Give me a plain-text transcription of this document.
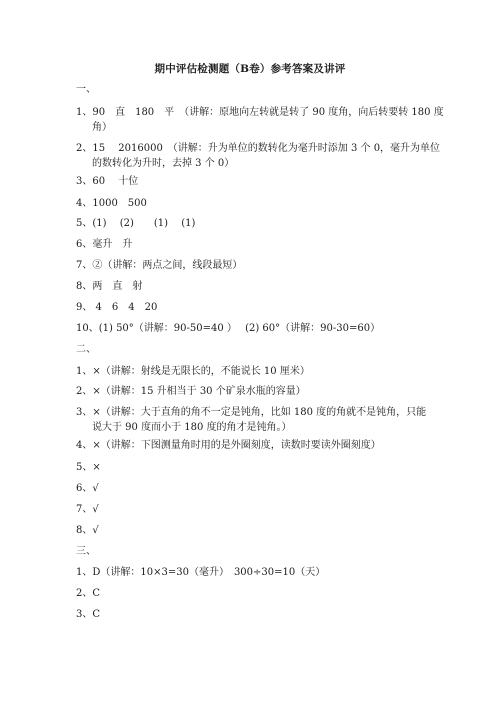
期中评估检测题（B卷）参考答案及讲评
一、
1、90　直　180　平　（讲解：原地向左转就是转了 90 度角，向后转要转 180 度
角）
2、15　 2016000　（讲解：升为单位的数转化为毫升时添加 3 个 0，毫升为单位
的数转化为升时，去掉 3 个 0）
3、60　 十位
4、1000　500
5、(1)　 (2)　　(1)　 (1)
6、毫升　升
7、②（讲解：两点之间，线段最短）
8、两　直　射
9、 4　6　4　20
10、(1) 50°（讲解：90-50=40 ）　 (2) 60°（讲解：90-30=60）
二、
1、×（讲解：射线是无限长的，不能说长 10 厘米）
2、×（讲解：15 升相当于 30 个矿泉水瓶的容量）
3、×（讲解：大于直角的角不一定是钝角，比如 180 度的角就不是钝角，只能
说大于 90 度而小于 180 度的角才是钝角。）
4、×（讲解：下图测量角时用的是外圈刻度，读数时要读外圈刻度）
5、×
6、√
7、√
8、√
三、
1、D（讲解：10×3=30（毫升）　300÷30=10（天）
2、C
3、C
